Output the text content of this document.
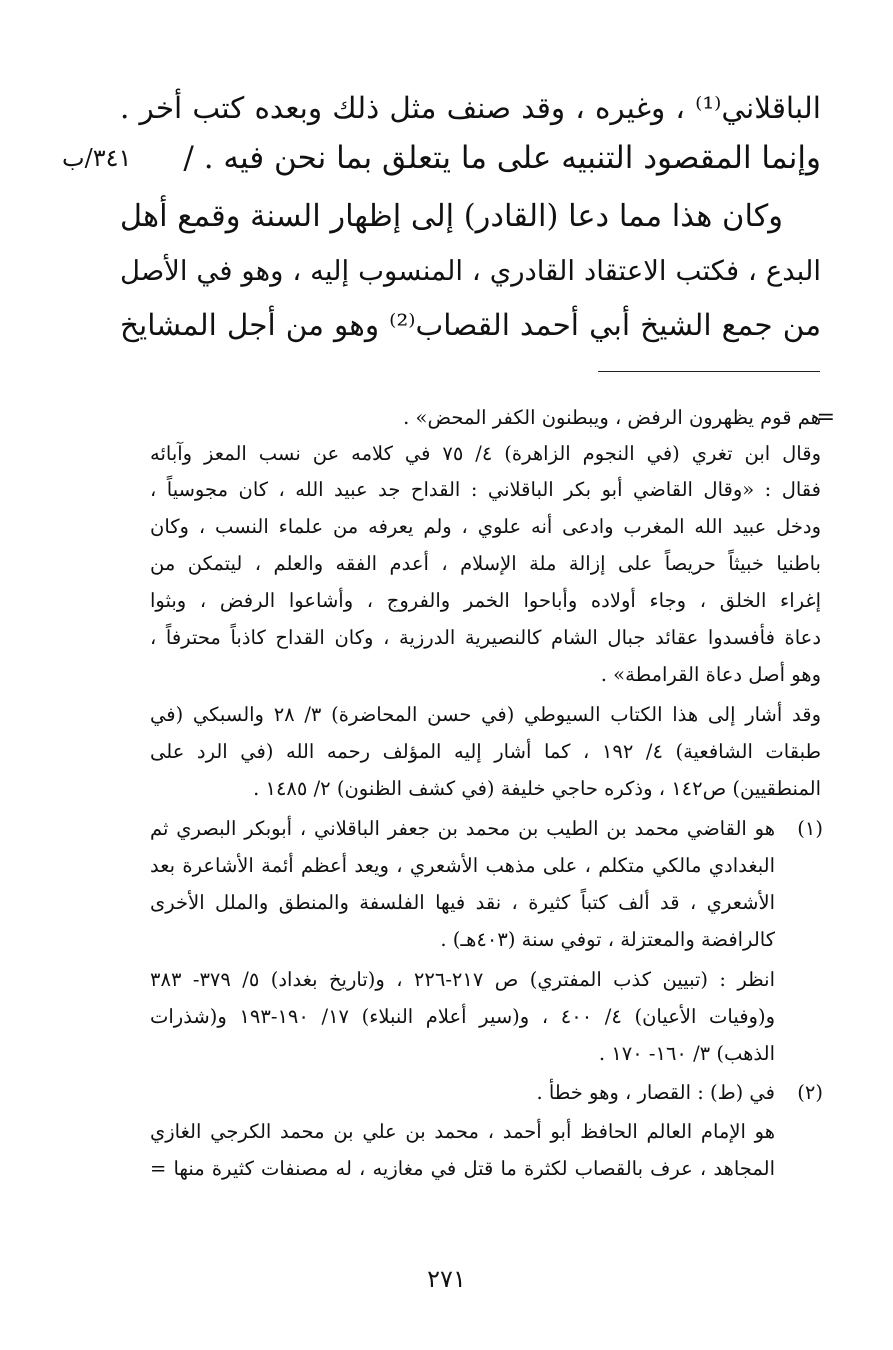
الباقلاني⁽¹⁾ ، وغيره ، وقد صنف مثل ذلك وبعده كتب أخر .
وإنما المقصود التنبيه على ما يتعلق بما نحن فيه . /
وكان هذا مما دعا (القادر) إلى إظهار السنة وقمع أهل
البدع ، فكتب الاعتقاد القادري ، المنسوب إليه ، وهو في الأصل
من جمع الشيخ أبي أحمد القصاب⁽²⁾ وهو من أجل المشايخ
٣٤١/ب
=
هم قوم يظهرون الرفض ، ويبطنون الكفر المحض» .
وقال ابن تغري (في النجوم الزاهرة) ٤/ ٧٥ في كلامه عن نسب المعز وآبائه
فقال : «وقال القاضي أبو بكر الباقلاني : القداح جد عبيد الله ، كان مجوسياً ،
ودخل عبيد الله المغرب وادعى أنه علوي ، ولم يعرفه من علماء النسب ، وكان
باطنيا خبيثاً حريصاً على إزالة ملة الإسلام ، أعدم الفقه والعلم ، ليتمكن من
إغراء الخلق ، وجاء أولاده وأباحوا الخمر والفروج ، وأشاعوا الرفض ، وبثوا
دعاة فأفسدوا عقائد جبال الشام كالنصيرية الدرزية ، وكان القداح كاذباً محترفاً ،
وهو أصل دعاة القرامطة» .
وقد أشار إلى هذا الكتاب السيوطي (في حسن المحاضرة) ٣/ ٢٨ والسبكي (في
طبقات الشافعية) ٤/ ١٩٢ ، كما أشار إليه المؤلف رحمه الله (في الرد على
المنطقيين) ص١٤٢ ، وذكره حاجي خليفة (في كشف الظنون) ٢/ ١٤٨٥ .
(١)
هو القاضي محمد بن الطيب بن محمد بن جعفر الباقلاني ، أبوبكر البصري ثم
البغدادي مالكي متكلم ، على مذهب الأشعري ، ويعد أعظم أئمة الأشاعرة بعد
الأشعري ، قد ألف كتباً كثيرة ، نقد فيها الفلسفة والمنطق والملل الأخرى
كالرافضة والمعتزلة ، توفي سنة (٤٠٣هـ) .
انظر : (تبيين كذب المفتري) ص ٢١٧-٢٢٦ ، و(تاريخ بغداد) ٥/ ٣٧٩- ٣٨٣
و(وفيات الأعيان) ٤/ ٤٠٠ ، و(سير أعلام النبلاء) ١٧/ ١٩٠-١٩٣ و(شذرات
الذهب) ٣/ ١٦٠- ١٧٠ .
(٢)
في (ط) : القصار ، وهو خطأ .
هو الإمام العالم الحافظ أبو أحمد ، محمد بن علي بن محمد الكرجي الغازي
المجاهد ، عرف بالقصاب لكثرة ما قتل في مغازيه ، له مصنفات كثيرة منها =
٢٧١
